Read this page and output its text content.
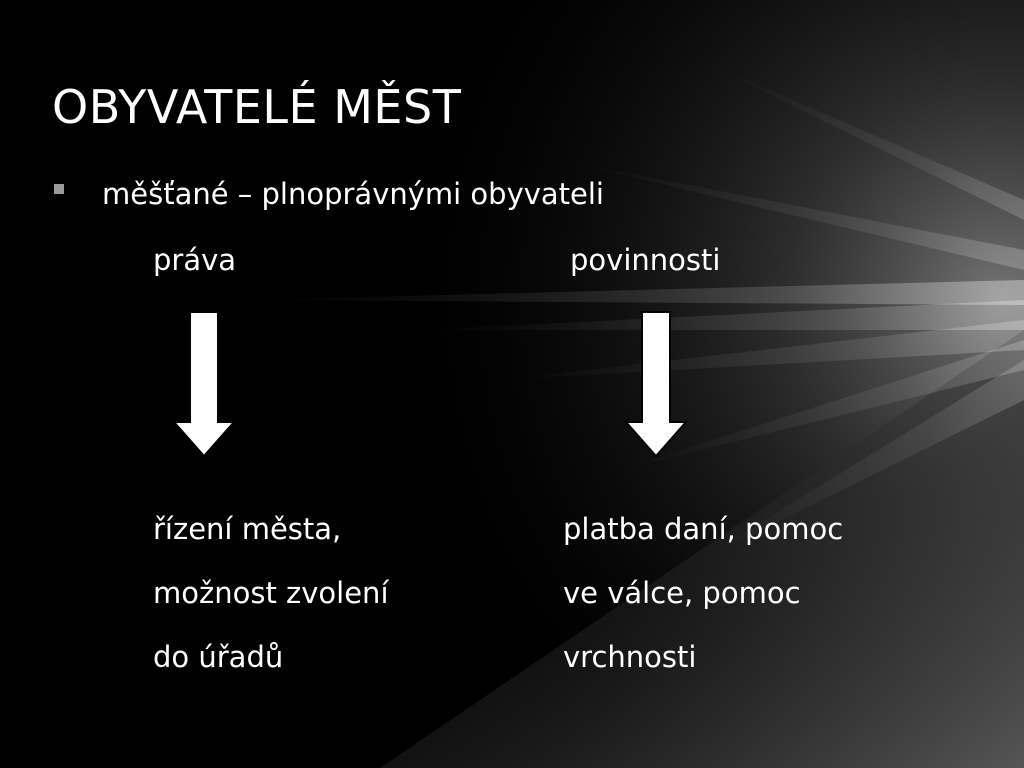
OBYVATELÉ MĚST
měšťané – plnoprávnými obyvateli
práva	povinnosti
řízení města,
možnost zvolení
do úřadů
platba daní, pomoc
ve válce, pomoc
vrchnosti
